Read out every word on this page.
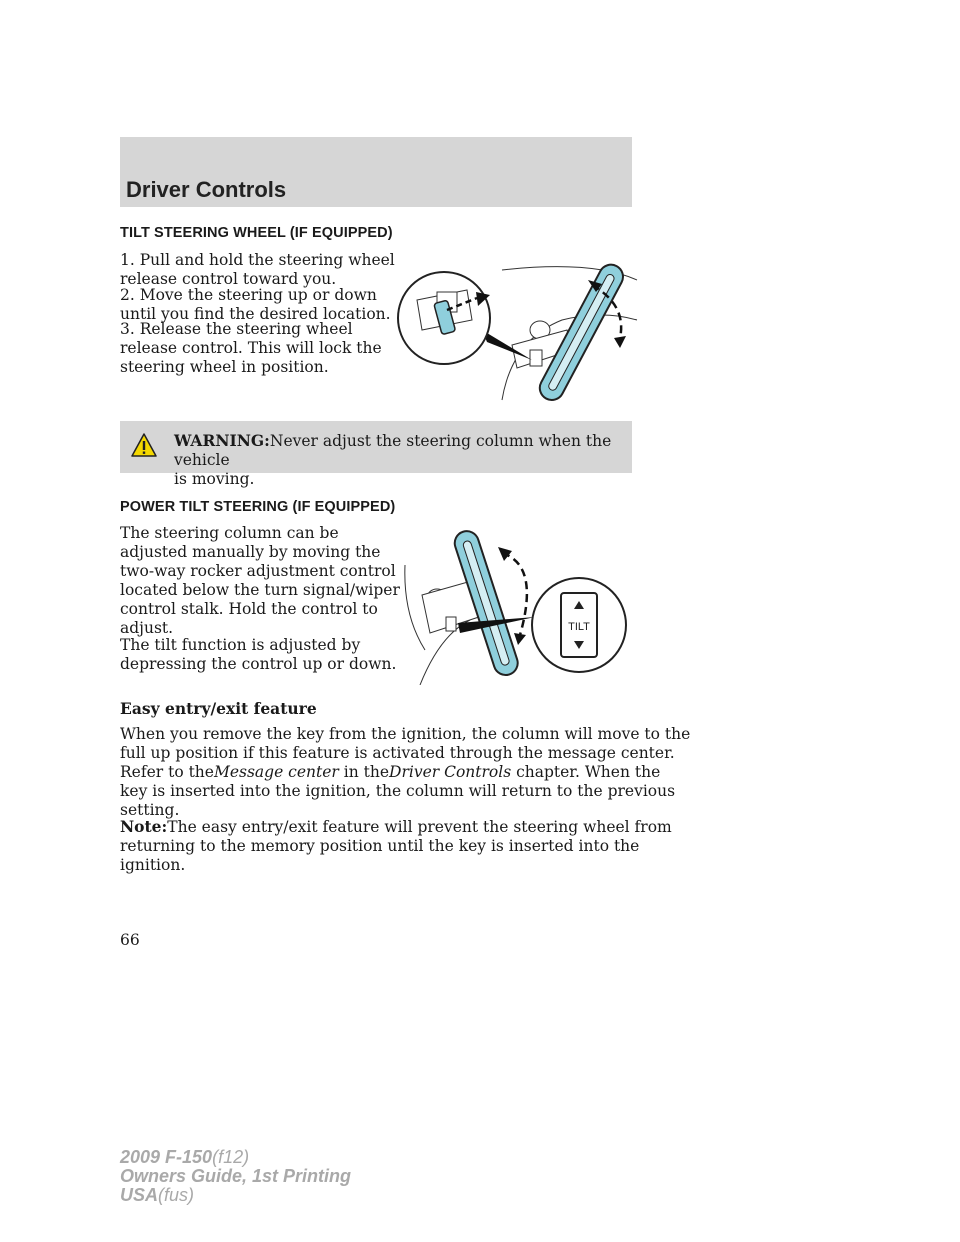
Driver Controls
TILT STEERING WHEEL (IF EQUIPPED)

1. Pull and hold the steering wheel
release control toward you.

2. Move the steering up or down
until you find the desired location.

3. Release the steering wheel
release control. This will lock the
steering wheel in position.

WARNING:Never adjust the steering column when the vehicle
is moving.

POWER TILT STEERING (IF EQUIPPED)

The steering column can be
adjusted manually by moving the
two-way rocker adjustment control
located below the turn signal/wiper
control stalk. Hold the control to
adjust.

The tilt function is adjusted by
depressing the control up or down.

TILT

Easy entry/exit feature

When you remove the key from the ignition, the column will move to the
full up position if this feature is activated through the message center.
Refer to theMessage center in theDriver Controls chapter. When the
key is inserted into the ignition, the column will return to the previous
setting.

Note:The easy entry/exit feature will prevent the steering wheel from
returning to the memory position until the key is inserted into the
ignition.

66

2009 F-150(f12)
Owners Guide, 1st Printing
USA(fus)
